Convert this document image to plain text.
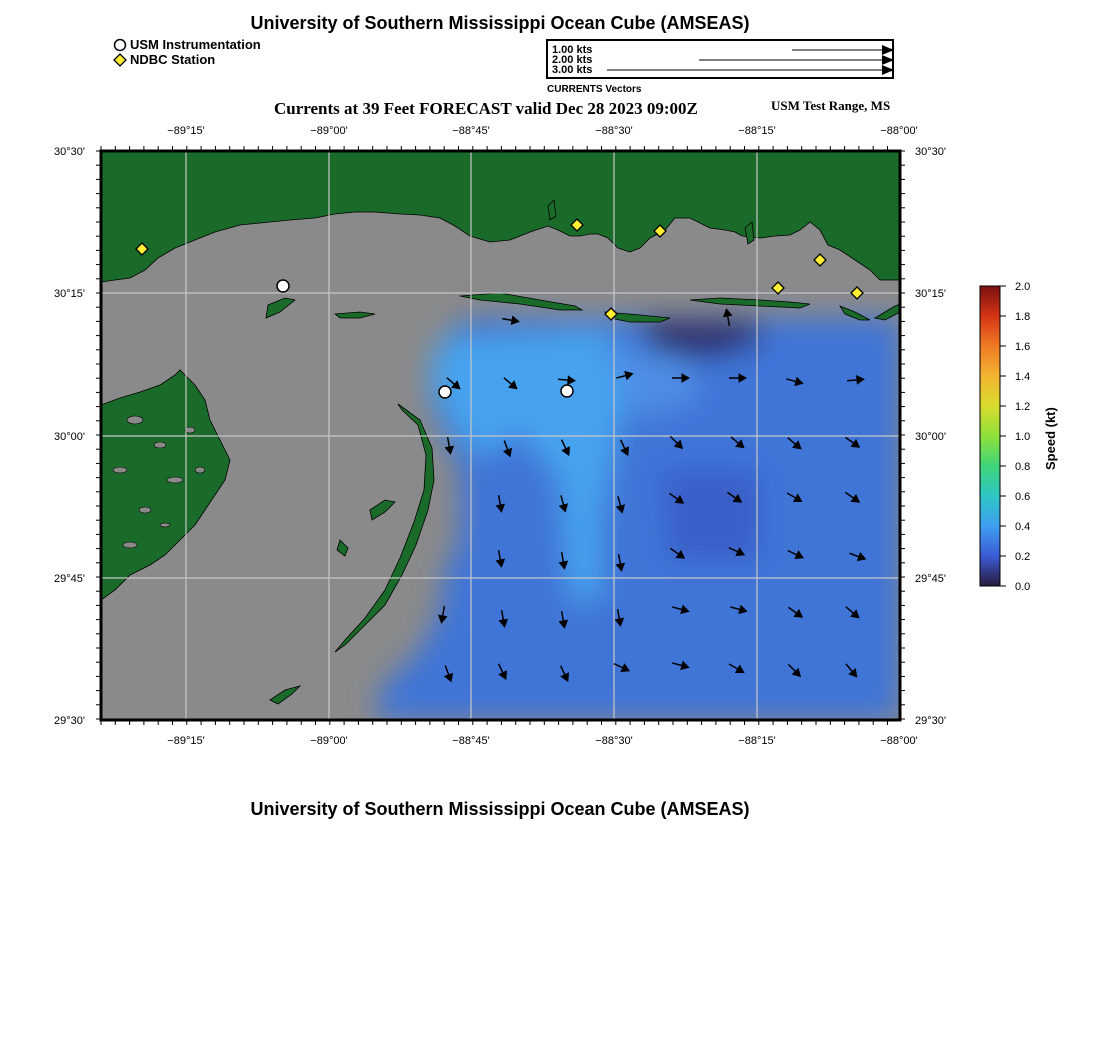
University of Southern Mississippi Ocean Cube (AMSEAS)
USM Instrumentation
NDBC Station
1.00 kts
2.00 kts
3.00 kts
CURRENTS Vectors
Currents at 39 Feet FORECAST valid Dec 28 2023 09:00Z	USM Test Range, MS
−89°15'	−89°00'	−88°45'	−88°30'	−88°15'	−88°00'
−89°15'	−89°00'	−88°45'	−88°30'	−88°15'	−88°00'
30°30'
30°15'
30°00'
29°45'
29°30'
30°30'
30°15'
30°00'
29°45'
29°30'
2.0
1.8
1.6
1.4
1.2
1.0
0.8
0.6
0.4
0.2
0.0
Speed (kt)
University of Southern Mississippi Ocean Cube (AMSEAS)
